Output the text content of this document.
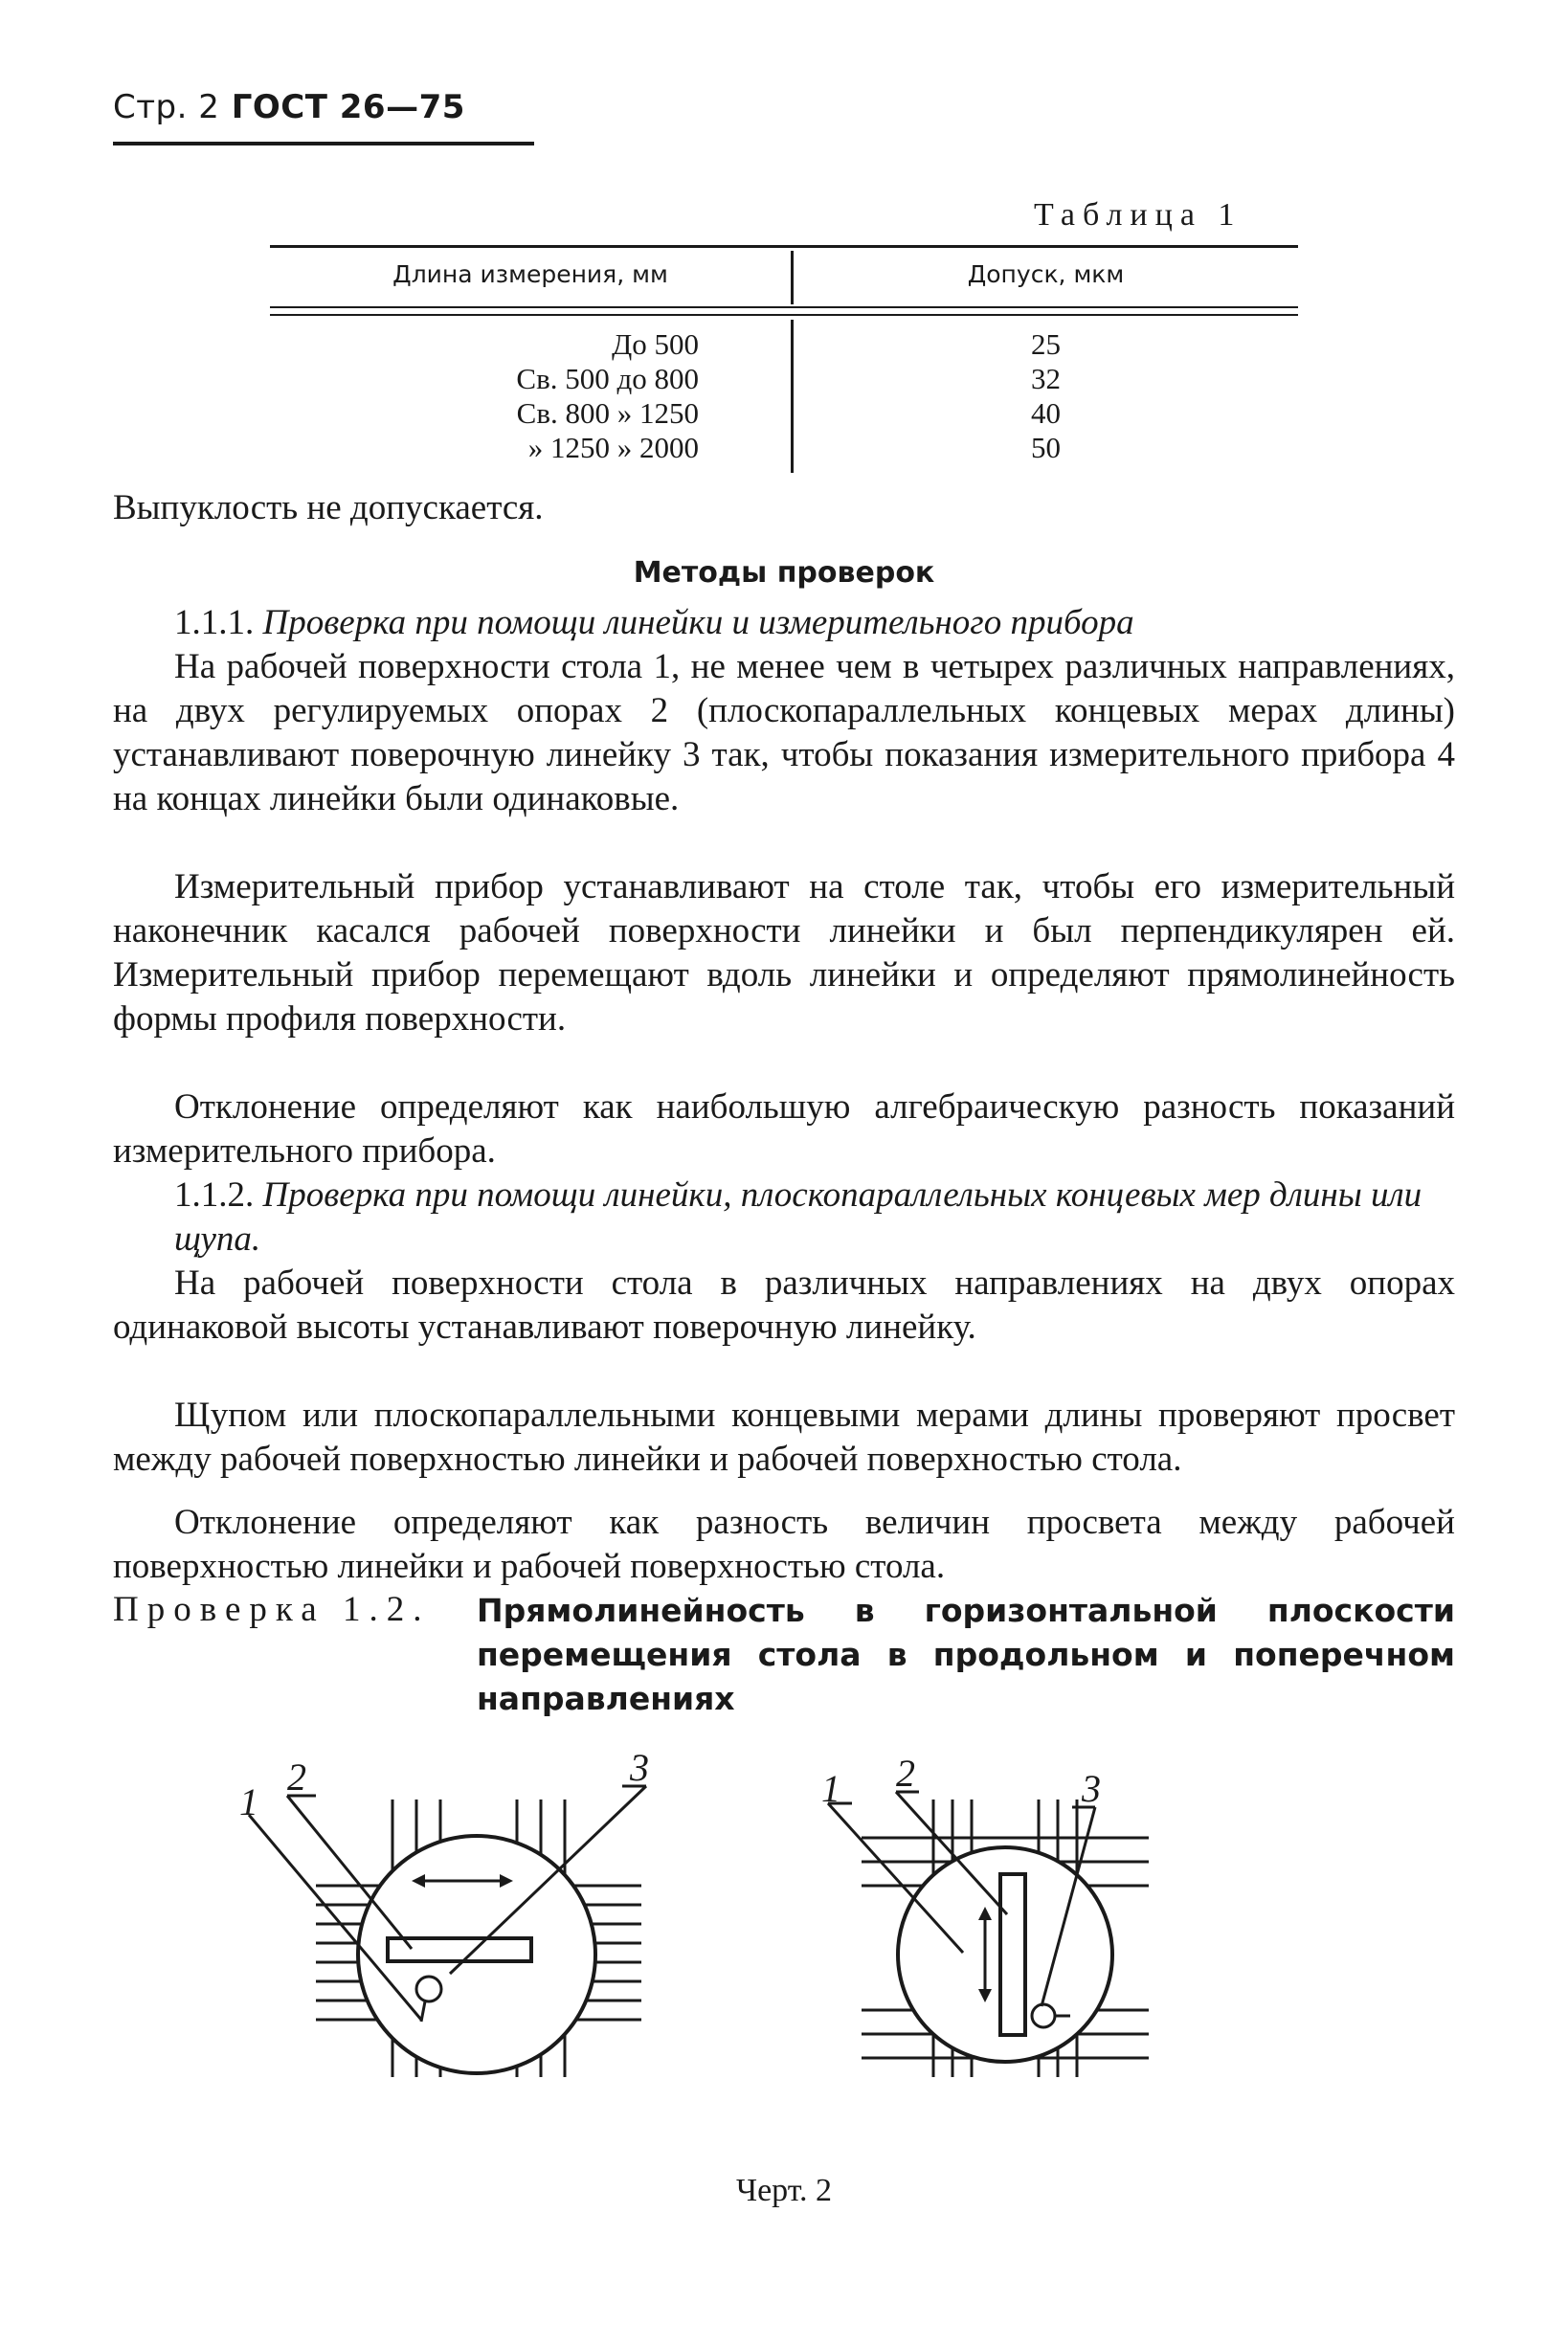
Стр. 2 ГОСТ 26—75
Таблица 1
Длина измерения, мм	Допуск, мкм
До 500	25
Св. 500 до 800	32
Св. 800 » 1250	40
» 1250 » 2000	50

Выпуклость не допускается.

Методы проверок

1.1.1. Проверка при помощи линейки и измерительного прибора

На рабочей поверхности стола 1, не менее чем в четырех различных направлениях, на двух регулируемых опорах 2 (плоскопараллельных концевых мерах длины) устанавливают поверочную линейку 3 так, чтобы показания измерительного прибора 4 на концах линейки были одинаковые.

Измерительный прибор устанавливают на столе так, чтобы его измерительный наконечник касался рабочей поверхности линейки и был перпендикулярен ей. Измерительный прибор перемещают вдоль линейки и определяют прямолинейность формы профиля поверхности.

Отклонение определяют как наибольшую алгебраическую разность показаний измерительного прибора.

1.1.2. Проверка при помощи линейки, плоскопараллельных концевых мер длины или щупа.

На рабочей поверхности стола в различных направлениях на двух опорах одинаковой высоты устанавливают поверочную линейку.

Щупом или плоскопараллельными концевыми мерами длины проверяют просвет между рабочей поверхностью линейки и рабочей поверхностью стола.

Отклонение определяют как разность величин просвета между рабочей поверхностью линейки и рабочей поверхностью стола.

Проверка 1.2. Прямолинейность в горизонтальной плоскости перемещения стола в продольном и поперечном направлениях
1
2	3	1 2	3
Черт. 2
